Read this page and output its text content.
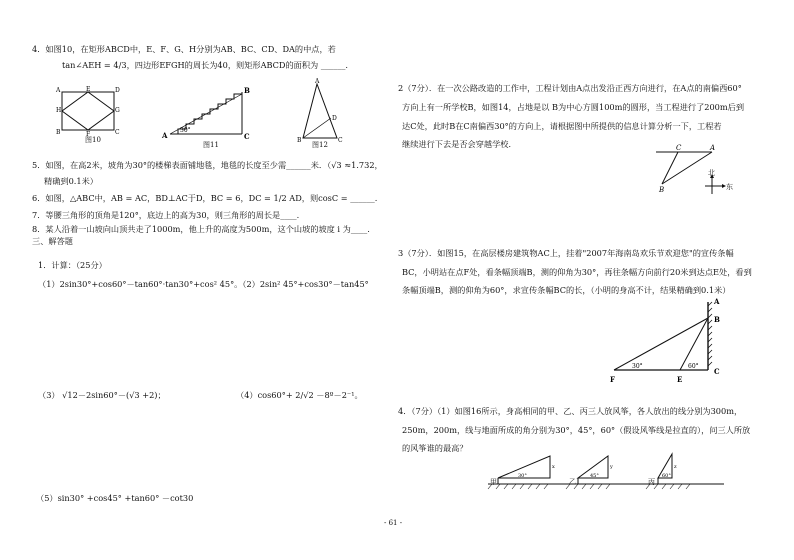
4．如图10，在矩形ABCD中，E、F、G、H分别为AB、BC、CD、DA的中点，若
tan∠AEH = 4/3，四边形EFGH的周长为40，则矩形ABCD的面积为 ______.
A	D
H	G
B	C
F
E
图10	A
B
C
30°
图11
A
B	C
D
图12
5．如图，在高2米，坡角为30°的楼梯表面铺地毯，地毯的长度至少需______米．（√3 ≈1.732，
精确到0.1米）
6．如图，△ABC中，AB = AC，BD⊥AC于D，BC = 6，DC = 1/2 AD，则cosC = ______.
7．等腰三角形的顶角是120°，底边上的高为30，则三角形的周长是____.
8．某人沿着一山坡向山顶共走了1000m，他上升的高度为500m，这个山坡的坡度 i 为____.
三、解答题
1．计算：（25分）
（1）2sin30°+cos60°－tan60°·tan30°+cos² 45°。（2）2sin² 45°+cos30°－tan45°
（3） √12－2sin60°－(√3 +2)；	（4）cos60°+ 2/√2 －8º－2⁻¹。
（5）sin30° +cos45° +tan60° －cot30
2（7分）．在一次公路改造的工作中，工程计划由A点出发沿正西方向进行，在A点的南偏西60°
方向上有一所学校B，如图14，占地是以 B为中心方圆100m的圆形，当工程进行了200m后到
达C处，此时B在C南偏西30°的方向上，请根据图中所提供的信息计算分析一下，工程若
继续进行下去是否会穿越学校．	C	A
B
北
东
3（7分）．如图15，在高层楼房建筑物AC上，挂着"2007年海南岛欢乐节欢迎您"的宣传条幅
BC，小明站在点F处，看条幅顶端B，测的仰角为30°，再往条幅方向前行20米到达点E处，看到
条幅顶端B，测的仰角为60°，求宣传条幅BC的长，（小明的身高不计，结果精确到0.1米）
A
B
C
F	E
30°	60°
4．（7分）（1）如图16所示，身高相同的甲、乙、丙三人放风筝，各人放出的线分别为300m，
250m，200m，线与地面所成的角分别为30°，45°，60°（假设风筝线是拉直的），问三人所放
的风筝谁的最高？
x	y	z
30°	45°	60°
甲	乙	丙
- 61 -
